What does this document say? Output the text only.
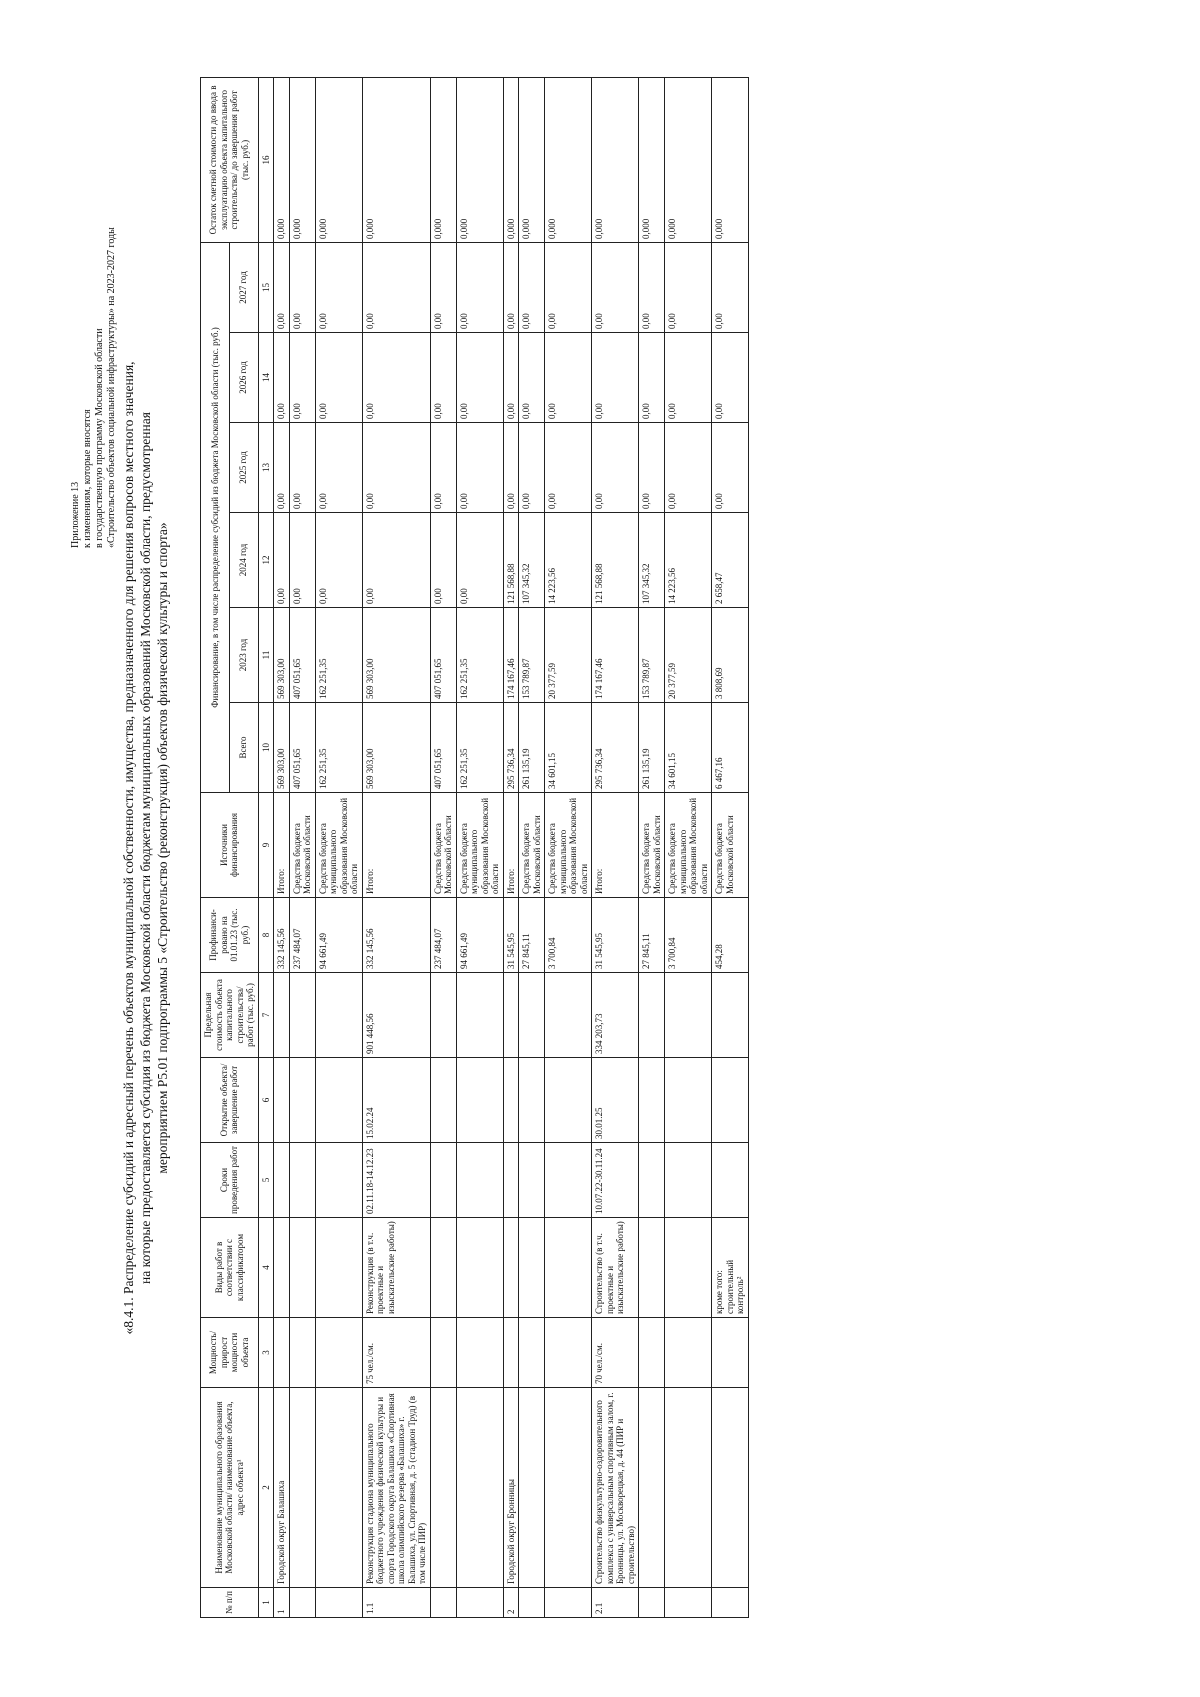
Приложение 13 к изменениям, которые вносятся в государственную программу Московской области «Строительство объектов социальной инфраструктуры» на 2023-2027 годы «8.4.1. Распределение субсидий и адресный перечень объектов муниципальной собственности, имущества, предназначенного для решения вопросов местного значения, на которые предоставляется субсидия из бюджета Московской области бюджетам муниципальных образований Московской области, предусмотренная мероприятием Р5.01 подпрограммы 5 «Строительство (реконструкция) объектов физической культуры и спорта»
№ п/п	Наименование муниципального образования Московской области/ наименование объекта, адрес объекта¹	Мощность/ прирост мощности объекта	Виды работ в соответствии с классификатором	Сроки проведения работ	Открытие объекта/ завершение работ	Предельная стоимость объекта капитального строительства/ работ (тыс. руб.)	Профинанси-ровано на 01.01.23 (тыс. руб.)	Источники финансирования	Финансирование, в том числе распределение субсидий из бюджета Московской области (тыс. руб.)						Остаток сметной стоимости до ввода в эксплуатацию объекта капитального строительства/ до завершения работ (тыс. руб.)
									Всего	2023 год	2024 год	2025 год	2026 год	2027 год	
1	2	3	4	5	6	7	8	9	10	11	12	13	14	15	16
1	Городской округ Балашиха						332 145,56	Итого:	569 303,00	569 303,00	0,00	0,00	0,00	0,00	0,000
							237 484,07	Средства бюджета Московской области	407 051,65	407 051,65	0,00	0,00	0,00	0,00	0,000
							94 661,49	Средства бюджета муниципального образования Московской области	162 251,35	162 251,35	0,00	0,00	0,00	0,00	0,000
1.1	Реконструкция стадиона муниципального бюджетного учреждения физической культуры и спорта Городского округа Балашиха «Спортивная школа олимпийского резерва «Балашиха» г. Балашиха, ул. Спортивная, д. 5 (стадион Труд) (в том числе ПИР)	75 чел./см.	Реконструкция (в т.ч. проектные и изыскательские работы)	02.11.18-14.12.23	15.02.24	901 448,56	332 145,56	Итого:	569 303,00	569 303,00	0,00	0,00	0,00	0,00	0,000
							237 484,07	Средства бюджета Московской области	407 051,65	407 051,65	0,00	0,00	0,00	0,00	0,000
							94 661,49	Средства бюджета муниципального образования Московской области	162 251,35	162 251,35	0,00	0,00	0,00	0,00	0,000
2	Городской округ Бронницы						31 545,95	Итого:	295 736,34	174 167,46	121 568,88	0,00	0,00	0,00	0,000
							27 845,11	Средства бюджета Московской области	261 135,19	153 789,87	107 345,32	0,00	0,00	0,00	0,000
							3 700,84	Средства бюджета муниципального образования Московской области	34 601,15	20 377,59	14 223,56	0,00	0,00	0,00	0,000
2.1	Строительство физкультурно-оздоровительного комплекса с универсальным спортивным залом, г. Бронницы, ул. Москворецкая, д. 44 (ПИР и строительство)	70 чел./см.	Строительство (в т.ч. проектные и изыскательские работы)	10.07.22-30.11.24	30.01.25	334 203,73	31 545,95	Итого:	295 736,34	174 167,46	121 568,88	0,00	0,00	0,00	0,000
							27 845,11	Средства бюджета Московской области	261 135,19	153 789,87	107 345,32	0,00	0,00	0,00	0,000
							3 700,84	Средства бюджета муниципального образования Московской области	34 601,15	20 377,59	14 223,56	0,00	0,00	0,00	0,000
			кроме того: строительный контроль²				454,28	Средства бюджета Московской области	6 467,16	3 808,69	2 658,47	0,00	0,00	0,00	0,000
